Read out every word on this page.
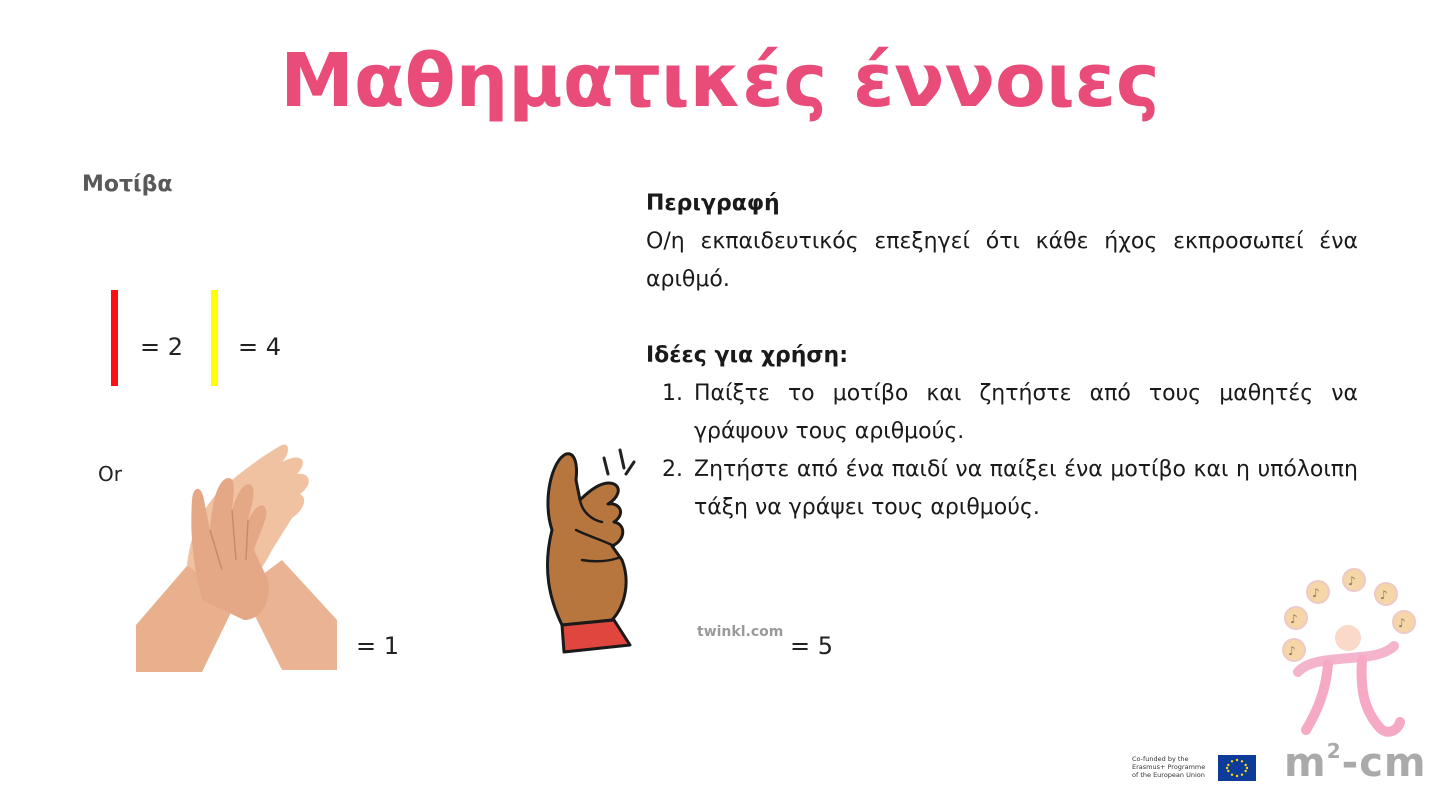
Μαθηματικές έννοιες
Μοτίβα
= 2 = 4
Or
= 1	twinkl.com = 5
Περιγραφή
Ο/η εκπαιδευτικός επεξηγεί ότι κάθε ήχος εκπροσωπεί ένα αριθμό.
Ιδέες για χρήση:
1. Παίξτε το μοτίβο και ζητήστε από τους μαθητές να γράψουν τους αριθμούς.
2. Ζητήστε από ένα παιδί να παίξει ένα μοτίβο και η υπόλοιπη τάξη να γράψει τους αριθμούς.
♪
♪
♪
♪
♪
♪
$m^2-cm$
Co-funded by the
Erasmus+ Programme
of the European Union
